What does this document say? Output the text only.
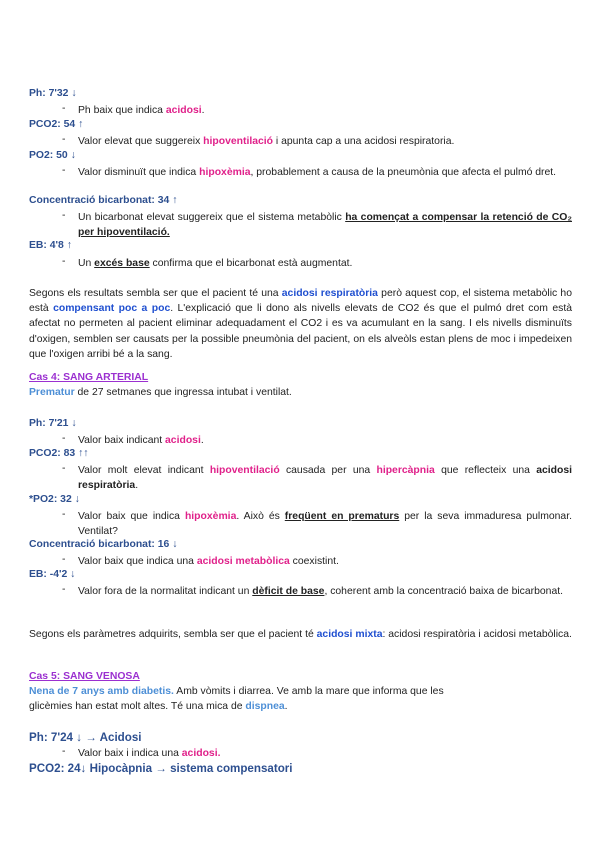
Ph: 7'32 ↓
- Ph baix que indica acidosi.
PCO2: 54 ↑
- Valor elevat que suggereix hipoventilació i apunta cap a una acidosi respiratoria.
PO2: 50 ↓
- Valor disminuït que indica hipoxèmia, probablement a causa de la pneumònia que afecta el pulmó dret.
Concentració bicarbonat: 34 ↑
- Un bicarbonat elevat suggereix que el sistema metabòlic ha començat a compensar la retenció de CO₂ per hipoventilació.
EB: 4'8 ↑
- Un excés base confirma que el bicarbonat està augmentat.
Segons els resultats sembla ser que el pacient té una acidosi respiratòria però aquest cop, el sistema metabòlic ho està compensant poc a poc. L'explicació que li dono als nivells elevats de CO2 és que el pulmó dret com està afectat no permeten al pacient eliminar adequadament el CO2 i es va acumulant en la sang. I els nivells disminuïts d'oxigen, semblen ser causats per la possible pneumònia del pacient, on els alveòls estan plens de moc i impedeixen que l'oxigen arribi bé a la sang.
Cas 4: SANG ARTERIAL
Prematur de 27 setmanes que ingressa intubat i ventilat.
Ph: 7'21 ↓
- Valor baix indicant acidosi.
PCO2: 83 ↑↑
- Valor molt elevat indicant hipoventilació causada per una hipercàpnia que reflecteix una acidosi respiratòria.
*PO2: 32 ↓
- Valor baix que indica hipoxèmia. Això és freqüent en prematurs per la seva immaduresa pulmonar. Ventilat?
Concentració bicarbonat: 16 ↓
- Valor baix que indica una acidosi metabòlica coexistint.
EB: -4'2 ↓
- Valor fora de la normalitat indicant un dèficit de base, coherent amb la concentració baixa de bicarbonat.
Segons els paràmetres adquirits, sembla ser que el pacient té acidosi mixta: acidosi respiratòria i acidosi metabòlica.
Cas 5: SANG VENOSA
Nena de 7 anys amb diabetis. Amb vòmits i diarrea. Ve amb la mare que informa que les
glicèmies han estat molt altes. Té una mica de dispnea.
Ph: 7'24 ↓ → Acidosi
- Valor baix i indica una acidosi.
PCO2: 24↓ Hipocàpnia → sistema compensatori
